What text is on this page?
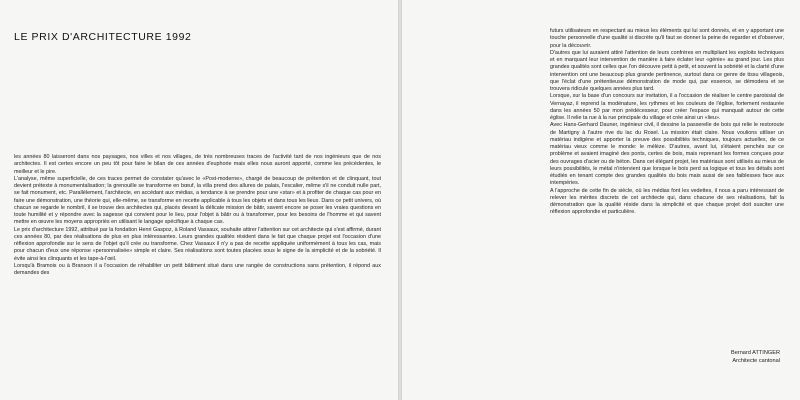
LE PRIX D'ARCHITECTURE 1992

les années 80 laisseront dans nos paysages, nos villes et nos villages, de très nombreuses traces de l'activité tant de nos ingénieurs que de nos architectes. Il est certes encore un peu tôt pour faire le bilan de ces années d'euphorie mais elles nous auront apporté, comme les précédentes, le meilleur et le pire.

L'analyse, même superficielle, de ces traces permet de constater qu'avec le «Post-moderne», chargé de beaucoup de prétention et de clinquant, tout devient prétexte à monumentalisation; la grenouille se transforme en bœuf, la villa prend des allures de palais, l'escalier, même s'il ne conduit nulle part, se fait monument, etc. Parallèlement, l'architecte, en accédant aux médias, a tendance à se prendre pour une «star» et à profiter de chaque cas pour en faire une démonstration, une théorie qui, elle-même, se transforme en recette applicable à tous les objets et dans tous les lieux. Dans ce petit univers, où chacun se regarde le nombril, il se trouve des architectes qui, placés devant la délicate mission de bâtir, savent encore se poser les vraies questions en toute humilité et y répondre avec la sagesse qui convient pour le lieu, pour l'objet à bâtir ou à transformer, pour les besoins de l'homme et qui savent mettre en œuvre les moyens appropriés en utilisant le langage spécifique à chaque cas.

Le prix d'architecture 1992, attribué par la fondation Henri Gaspoz, à Roland Vassaux, souhaite attirer l'attention sur cet architecte qui s'est affirmé, durant ces années 80, par des réalisations de plus en plus intéressantes. Leurs grandes qualités résident dans le fait que chaque projet est l'occasion d'une réflexion approfondie sur le sens de l'objet qu'il crée ou transforme. Chez Vassaux il n'y a pas de recette appliquée uniformément à tous les cas, mais pour chacun d'eux une réponse «personnalisée» simple et claire. Ses réalisations sont toutes placées sous le signe de la simplicité et de la sobriété. Il évite ainsi les clinquants et les tape-à-l'œil.

Lorsqu'à Bramois ou à Branson il a l'occasion de réhabiliter un petit bâtiment situé dans une rangée de constructions sans prétention, il répond aux demandes des

futurs utilisateurs en respectant au mieux les éléments qui lui sont donnés, et en y apportant une touche personnelle d'une qualité si discrète qu'il faut se donner la peine de regarder et d'observer, pour la découvrir.

D'autres que lui auraient attiré l'attention de leurs confrères en multipliant les exploits techniques et en marquant leur intervention de manière à faire éclater leur «génie» au grand jour. Les plus grandes qualités sont celles que l'on découvre petit à petit, et souvent la sobriété et la clarté d'une intervention ont une beaucoup plus grande pertinence, surtout dans ce genre de tissu villageois, que l'éclat d'une prétentieuse démonstration de mode qui, par essence, se démodera et se trouvera ridicule quelques années plus tard.

Lorsque, sur la base d'un concours sur invitation, il a l'occasion de réaliser le centre paroissial de Vernayaz, il reprend la modénature, les rythmes et les couleurs de l'église, fortement restaurée dans les années 50 par mon prédécesseur, pour créer l'espace qui manquait autour de cette église. Il relie ta rue à la rue principale du village et crée ainsi un «lieu».

Avec Hans-Gerhard Dauner, ingénieur civil, il dessine la passerelle de bois qui relie le restoroute de Martigny à l'autre rive du lac du Rosel. La mission était claire. Nous voulions utiliser un matériau indigène et apporter la preuve des possibilités techniques, toujours actuelles, de ce matériau vieux comme le monde: le mélèze. D'autres, avant lui, s'étaient penchés sur ce problème et avaient imaginé des ponts, certes de bois, mais reprenant les formes conçues pour des ouvrages d'acier ou de béton. Dans cet élégant projet, les matériaux sont utilisés au mieux de leurs possibilités, le métal n'intervient que lorsque le bois perd sa logique et tous les détails sont étudiés en tenant compte des grandes qualités du bois mais aussi de ses faiblesses face aux intempéries.

A l'approche de cette fin de siècle, où les médias font les vedettes, il nous a paru intéressant de relever les mérites discrets de cet architecte qui, dans chacune de ses réalisations, fait la démonstration que la qualité réside dans la simplicité et que chaque projet doit susciter une réflexion approfondie et particulière.

Bernard ATTINGER
Architecte cantonal
